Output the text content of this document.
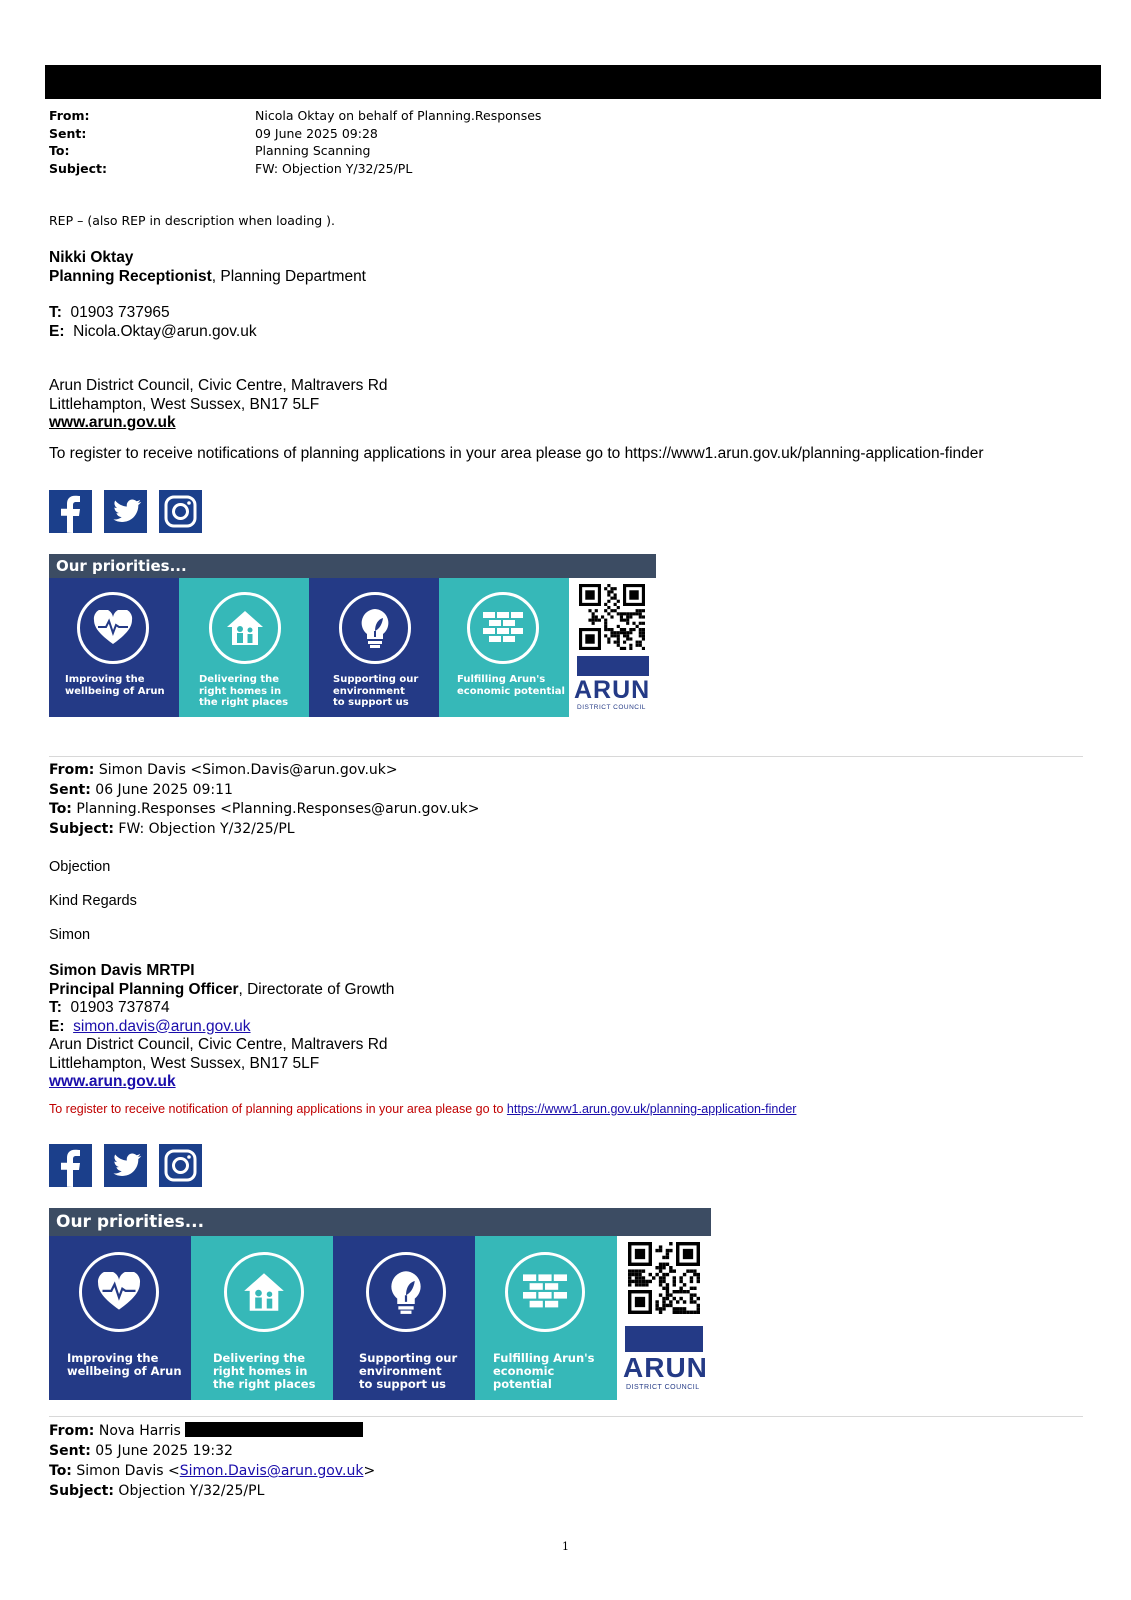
From:	Nicola Oktay on behalf of Planning.Responses
Sent:	09 June 2025 09:28
To:	Planning Scanning
Subject:	FW: Objection Y/32/25/PL
REP – (also REP in description when loading ).
Nikki Oktay
Planning Receptionist, Planning Department
T: 01903 737965
E: Nicola.Oktay@arun.gov.uk
Arun District Council, Civic Centre, Maltravers Rd
Littlehampton, West Sussex, BN17 5LF
www.arun.gov.uk
To register to receive notifications of planning applications in your area please go to https://www1.arun.gov.uk/planning-application-finder
Our priorities...
Improving the
wellbeing of Arun
Delivering the
right homes in
the right places
Supporting our
environment
to support us
Fulfilling Arun's
economic potential ARUN
DISTRICT COUNCIL
From: Simon Davis <Simon.Davis@arun.gov.uk>
Sent: 06 June 2025 09:11
To: Planning.Responses <Planning.Responses@arun.gov.uk>
Subject: FW: Objection Y/32/25/PL
Objection
Kind Regards
Simon
Simon Davis MRTPI
Principal Planning Officer, Directorate of Growth
T: 01903 737874
E: simon.davis@arun.gov.uk
Arun District Council, Civic Centre, Maltravers Rd
Littlehampton, West Sussex, BN17 5LF
www.arun.gov.uk
To register to receive notification of planning applications in your area please go to https://www1.arun.gov.uk/planning-application-finder
Our priorities...
Improving the
wellbeing of Arun
Delivering the
right homes in
the right places
Supporting our
environment
to support us
Fulfilling Arun's
economic potential
ARUN
DISTRICT COUNCIL
From: Nova Harris
Sent: 05 June 2025 19:32
To: Simon Davis <Simon.Davis@arun.gov.uk>
Subject: Objection Y/32/25/PL
1
